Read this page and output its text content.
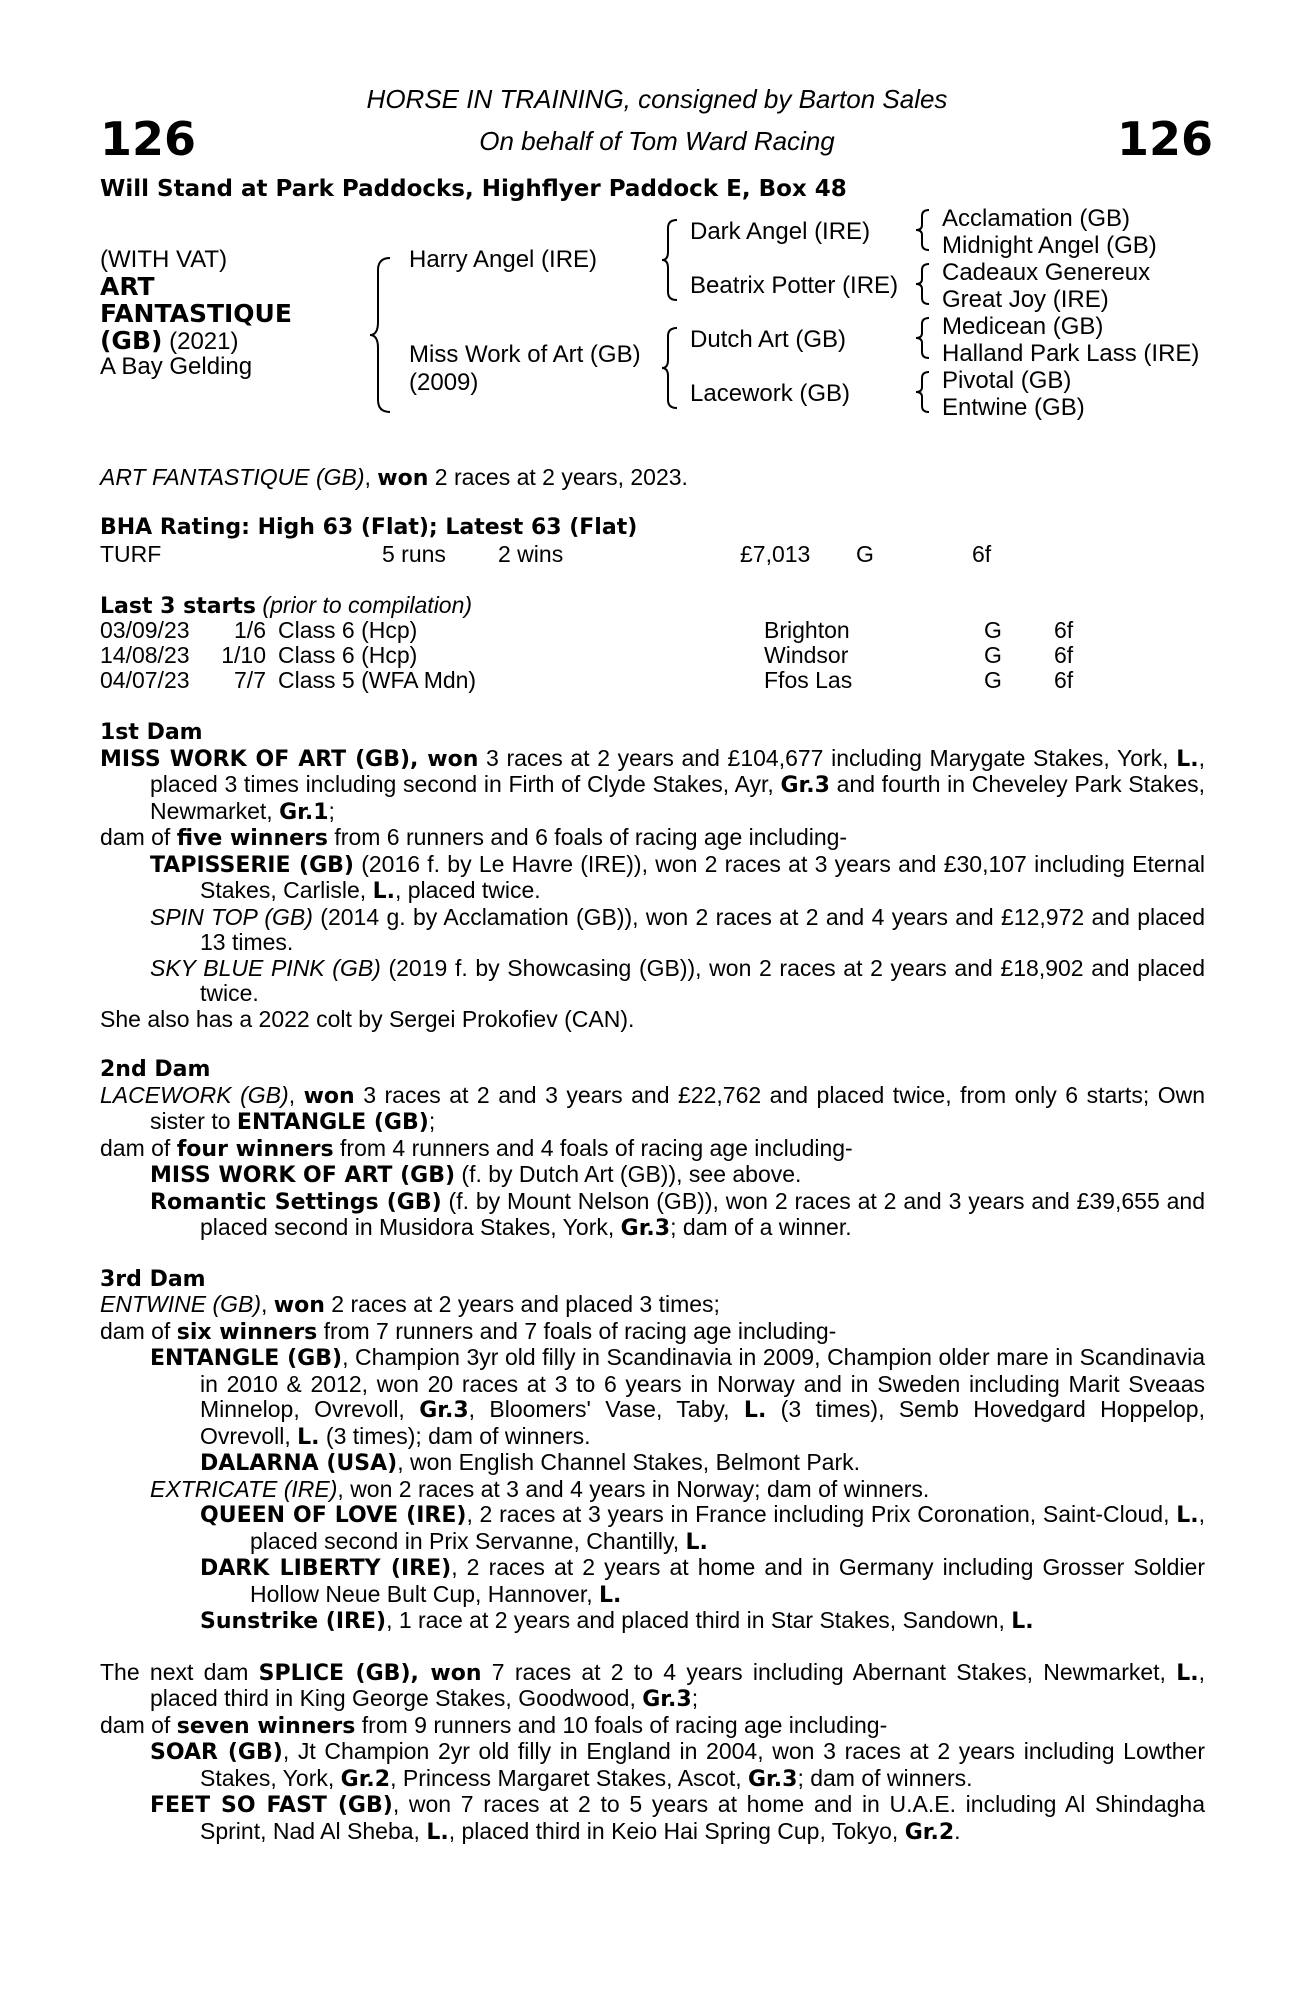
126	126
HORSE IN TRAINING, consigned by Barton Sales
On behalf of Tom Ward Racing
Will Stand at Park Paddocks, Highflyer Paddock E, Box 48
(WITH VAT)
ART
FANTASTIQUE
(GB) (2021)
A Bay Gelding
Harry Angel (IRE)
Miss Work of Art (GB)
(2009)
Dark Angel (IRE)
Beatrix Potter (IRE)
Dutch Art (GB)
Lacework (GB)
Acclamation (GB)
Midnight Angel (GB)
Cadeaux Genereux
Great Joy (IRE)
Medicean (GB)
Halland Park Lass (IRE)
Pivotal (GB)
Entwine (GB)
ART FANTASTIQUE (GB), won 2 races at 2 years, 2023.
BHA Rating: High 63 (Flat); Latest 63 (Flat)
TURF	5 runs 2 wins	£7,013 G	6f
Last 3 starts (prior to compilation)
03/09/23	1/6	Class 6 (Hcp)	Brighton	G	6f
14/08/23	1/10	Class 6 (Hcp)	Windsor	G	6f
04/07/23	7/7	Class 5 (WFA Mdn)	Ffos Las	G	6f

1st Dam

MISS WORK OF ART (GB), won 3 races at 2 years and £104,677 including Marygate Stakes, York, L., placed 3 times including second in Firth of Clyde Stakes, Ayr, Gr.3 and fourth in Cheveley Park Stakes, Newmarket, Gr.1;

dam of five winners from 6 runners and 6 foals of racing age including-

TAPISSERIE (GB) (2016 f. by Le Havre (IRE)), won 2 races at 3 years and £30,107 including Eternal Stakes, Carlisle, L., placed twice.

SPIN TOP (GB) (2014 g. by Acclamation (GB)), won 2 races at 2 and 4 years and £12,972 and placed 13 times.

SKY BLUE PINK (GB) (2019 f. by Showcasing (GB)), won 2 races at 2 years and £18,902 and placed twice.

She also has a 2022 colt by Sergei Prokofiev (CAN).

2nd Dam

LACEWORK (GB), won 3 races at 2 and 3 years and £22,762 and placed twice, from only 6 starts; Own sister to ENTANGLE (GB);

dam of four winners from 4 runners and 4 foals of racing age including-

MISS WORK OF ART (GB) (f. by Dutch Art (GB)), see above.

Romantic Settings (GB) (f. by Mount Nelson (GB)), won 2 races at 2 and 3 years and £39,655 and placed second in Musidora Stakes, York, Gr.3; dam of a winner.

3rd Dam

ENTWINE (GB), won 2 races at 2 years and placed 3 times;

dam of six winners from 7 runners and 7 foals of racing age including-

ENTANGLE (GB), Champion 3yr old filly in Scandinavia in 2009, Champion older mare in Scandinavia in 2010 & 2012, won 20 races at 3 to 6 years in Norway and in Sweden including Marit Sveaas Minnelop, Ovrevoll, Gr.3, Bloomers' Vase, Taby, L. (3 times), Semb Hovedgard Hoppelop, Ovrevoll, L. (3 times); dam of winners.

DALARNA (USA), won English Channel Stakes, Belmont Park.

EXTRICATE (IRE), won 2 races at 3 and 4 years in Norway; dam of winners.

QUEEN OF LOVE (IRE), 2 races at 3 years in France including Prix Coronation, Saint-Cloud, L., placed second in Prix Servanne, Chantilly, L.

DARK LIBERTY (IRE), 2 races at 2 years at home and in Germany including Grosser Soldier Hollow Neue Bult Cup, Hannover, L.

Sunstrike (IRE), 1 race at 2 years and placed third in Star Stakes, Sandown, L.

The next dam SPLICE (GB), won 7 races at 2 to 4 years including Abernant Stakes, Newmarket, L., placed third in King George Stakes, Goodwood, Gr.3;

dam of seven winners from 9 runners and 10 foals of racing age including-

SOAR (GB), Jt Champion 2yr old filly in England in 2004, won 3 races at 2 years including Lowther Stakes, York, Gr.2, Princess Margaret Stakes, Ascot, Gr.3; dam of winners.

FEET SO FAST (GB), won 7 races at 2 to 5 years at home and in U.A.E. including Al Shindagha Sprint, Nad Al Sheba, L., placed third in Keio Hai Spring Cup, Tokyo, Gr.2.
